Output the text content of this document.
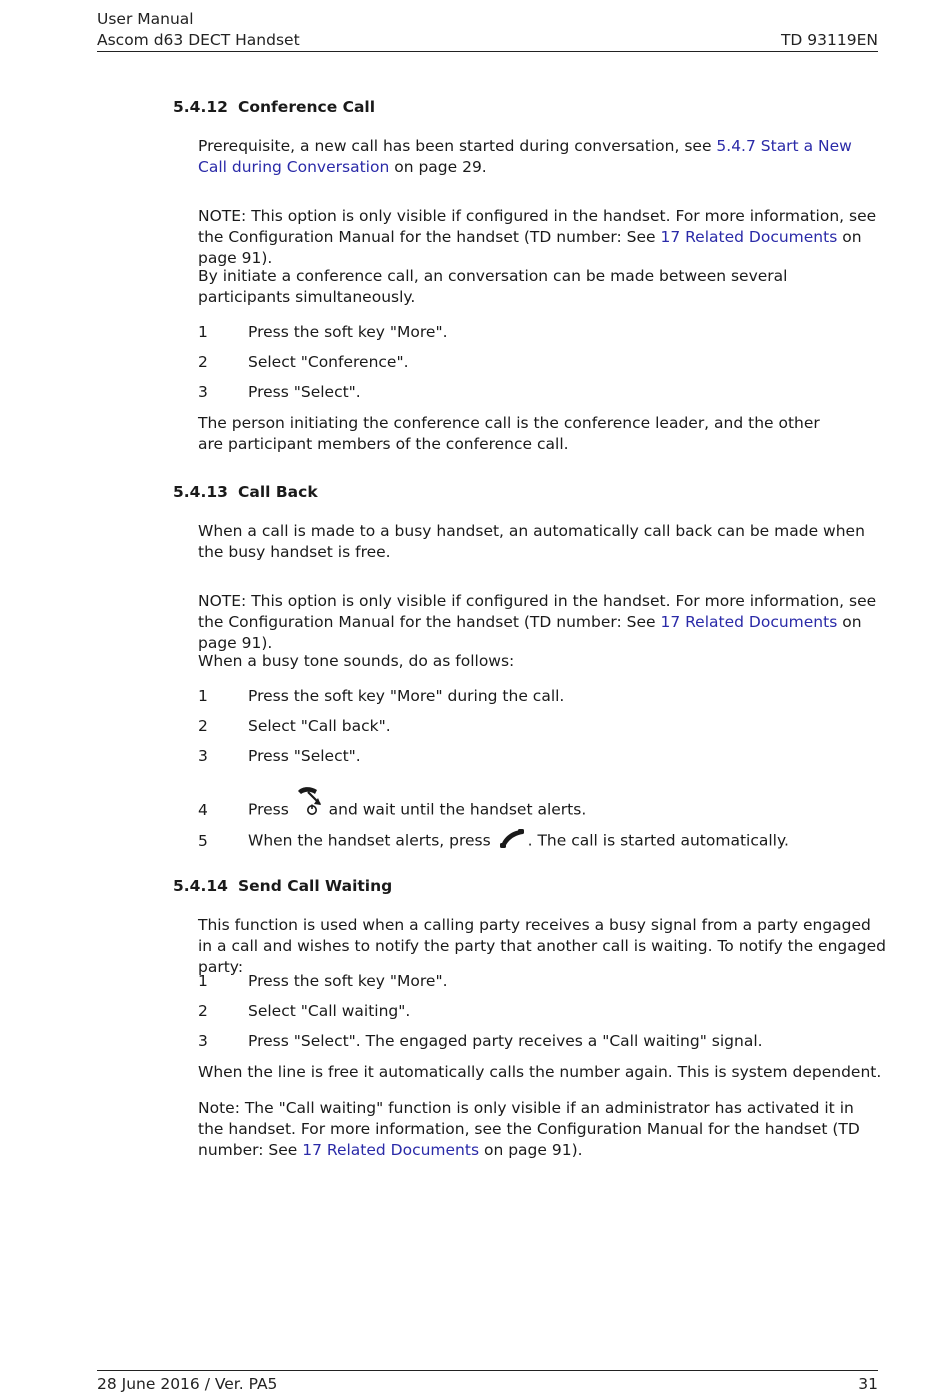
User Manual
Ascom d63 DECT Handset	TD 93119EN
5.4.12 Conference Call
Prerequisite, a new call has been started during conversation, see 5.4.7 Start a New Call during Conversation on page 29.
NOTE: This option is only visible if configured in the handset. For more information, see the Configuration Manual for the handset (TD number: See 17 Related Documents on page 91).
By initiate a conference call, an conversation can be made between several participants simultaneously.
1	Press the soft key "More".
2	Select "Conference".
3	Press "Select".
The person initiating the conference call is the conference leader, and the other are participant members of the conference call.
5.4.13 Call Back
When a call is made to a busy handset, an automatically call back can be made when the busy handset is free.
NOTE: This option is only visible if configured in the handset. For more information, see the Configuration Manual for the handset (TD number: See 17 Related Documents on page 91).
When a busy tone sounds, do as follows:
1	Press the soft key "More" during the call.
2	Select "Call back".
3	Press "Select".
4	Press  and wait until the handset alerts.
5	When the handset alerts, press . The call is started automatically.
5.4.14 Send Call Waiting
This function is used when a calling party receives a busy signal from a party engaged in a call and wishes to notify the party that another call is waiting. To notify the engaged party:
1	Press the soft key "More".
2	Select "Call waiting".
3	Press "Select". The engaged party receives a "Call waiting" signal.
When the line is free it automatically calls the number again. This is system dependent.
Note: The "Call waiting" function is only visible if an administrator has activated it in the handset. For more information, see the Configuration Manual for the handset (TD number: See 17 Related Documents on page 91).
28 June 2016 / Ver. PA5	31
